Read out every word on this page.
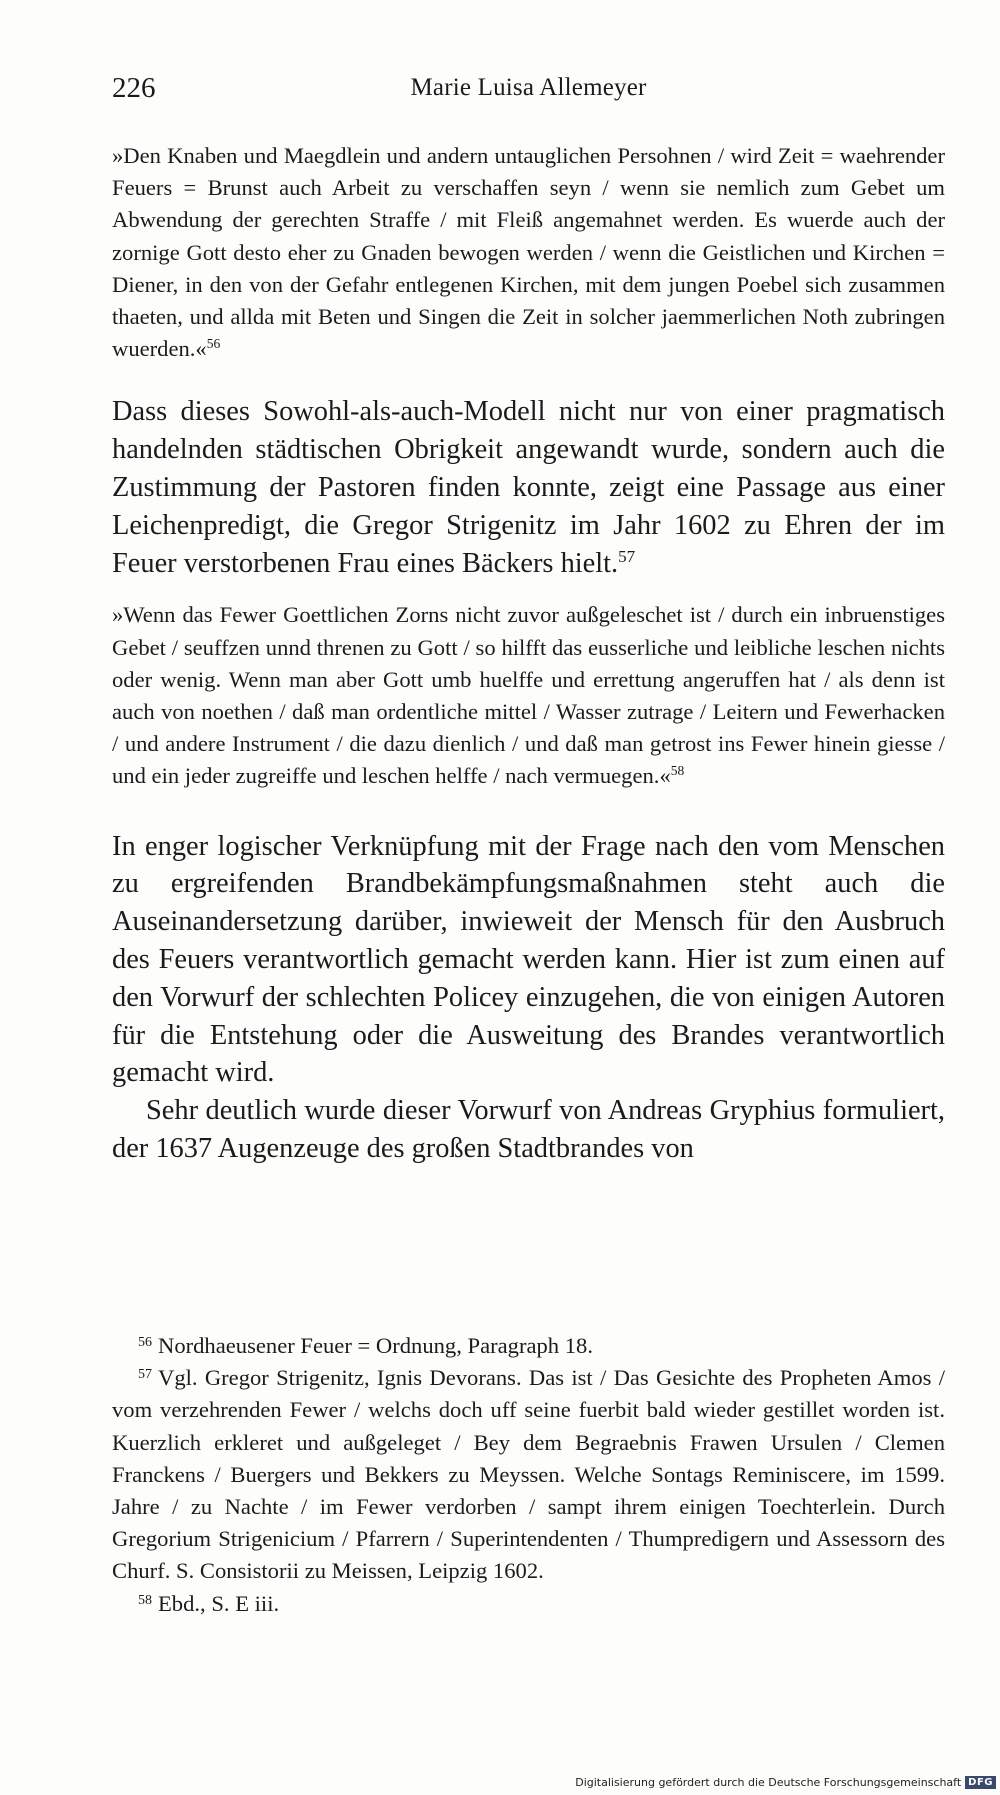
226	Marie Luisa Allemeyer

»Den Knaben und Maegdlein und andern untauglichen Persohnen / wird Zeit = waehrender Feuers = Brunst auch Arbeit zu verschaffen seyn / wenn sie nemlich zum Gebet um Abwendung der gerechten Straffe / mit Fleiß angemahnet werden. Es wuerde auch der zornige Gott desto eher zu Gnaden bewogen werden / wenn die Geistlichen und Kirchen = Diener, in den von der Gefahr entlegenen Kirchen, mit dem jungen Poebel sich zusammen thaeten, und allda mit Beten und Singen die Zeit in solcher jaemmerlichen Noth zubringen wuerden.«$^{56}$

Dass dieses Sowohl-als-auch-Modell nicht nur von einer pragmatisch handelnden städtischen Obrigkeit angewandt wurde, sondern auch die Zustimmung der Pastoren finden konnte, zeigt eine Passage aus einer Leichenpredigt, die Gregor Strigenitz im Jahr 1602 zu Ehren der im Feuer verstorbenen Frau eines Bäckers hielt.$^{57}$

»Wenn das Fewer Goettlichen Zorns nicht zuvor außgeleschet ist / durch ein inbruenstiges Gebet / seuffzen unnd threnen zu Gott / so hilfft das eusserliche und leibliche leschen nichts oder wenig. Wenn man aber Gott umb huelffe und errettung angeruffen hat / als denn ist auch von noethen / daß man ordentliche mittel / Wasser zutrage / Leitern und Fewerhacken / und andere Instrument / die dazu dienlich / und daß man getrost ins Fewer hinein giesse / und ein jeder zugreiffe und leschen helffe / nach vermuegen.«$^{58}$

In enger logischer Verknüpfung mit der Frage nach den vom Menschen zu ergreifenden Brandbekämpfungsmaßnahmen steht auch die Auseinandersetzung darüber, inwieweit der Mensch für den Ausbruch des Feuers verantwortlich gemacht werden kann. Hier ist zum einen auf den Vorwurf der schlechten Policey einzugehen, die von einigen Autoren für die Entstehung oder die Ausweitung des Brandes verantwortlich gemacht wird.

Sehr deutlich wurde dieser Vorwurf von Andreas Gryphius formuliert, der 1637 Augenzeuge des großen Stadtbrandes von

$^{56}$ Nordhaeusener Feuer = Ordnung, Paragraph 18.

$^{57}$ Vgl. Gregor Strigenitz, Ignis Devorans. Das ist / Das Gesichte des Propheten Amos / vom verzehrenden Fewer / welchs doch uff seine fuerbit bald wieder gestillet worden ist. Kuerzlich erkleret und außgeleget / Bey dem Begraebnis Frawen Ursulen / Clemen Franckens / Buergers und Bekkers zu Meyssen. Welche Sontags Reminiscere, im 1599. Jahre / zu Nachte / im Fewer verdorben / sampt ihrem einigen Toechterlein. Durch Gregorium Strigenicium / Pfarrern / Superintendenten / Thumpredigern und Assessorn des Churf. S. Consistorii zu Meissen, Leipzig 1602.

$^{58}$ Ebd., S. E iii.

Digitalisierung gefördert durch die Deutsche Forschungsgemeinschaft DFG
